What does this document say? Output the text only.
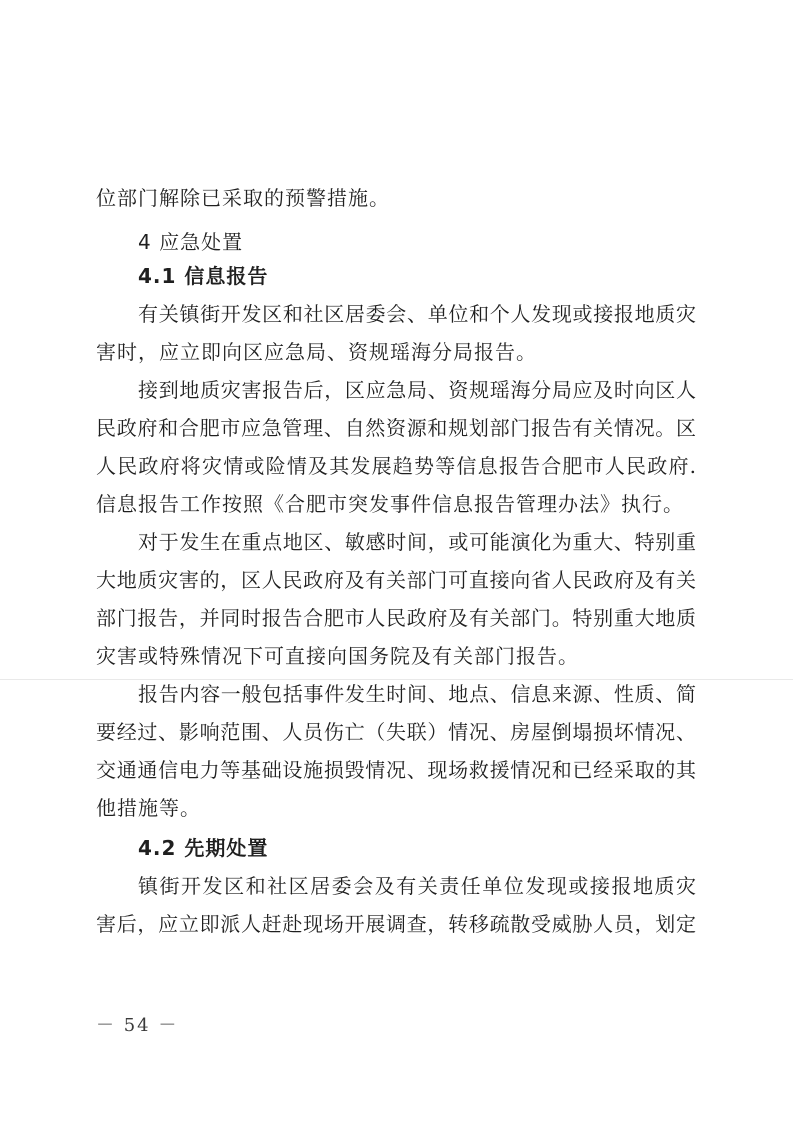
位部门解除已采取的预警措施。
4 应急处置
4.1 信息报告
有关镇街开发区和社区居委会、单位和个人发现或接报地质灾
害时，应立即向区应急局、资规瑶海分局报告。
接到地质灾害报告后，区应急局、资规瑶海分局应及时向区人
民政府和合肥市应急管理、自然资源和规划部门报告有关情况。区
人民政府将灾情或险情及其发展趋势等信息报告合肥市人民政府.
信息报告工作按照《合肥市突发事件信息报告管理办法》执行。
对于发生在重点地区、敏感时间，或可能演化为重大、特别重
大地质灾害的，区人民政府及有关部门可直接向省人民政府及有关
部门报告，并同时报告合肥市人民政府及有关部门。特别重大地质
灾害或特殊情况下可直接向国务院及有关部门报告。
报告内容一般包括事件发生时间、地点、信息来源、性质、简
要经过、影响范围、人员伤亡（失联）情况、房屋倒塌损坏情况、
交通通信电力等基础设施损毁情况、现场救援情况和已经采取的其
他措施等。
4.2 先期处置
镇街开发区和社区居委会及有关责任单位发现或接报地质灾
害后，应立即派人赶赴现场开展调查，转移疏散受威胁人员，划定
－ 54 －
